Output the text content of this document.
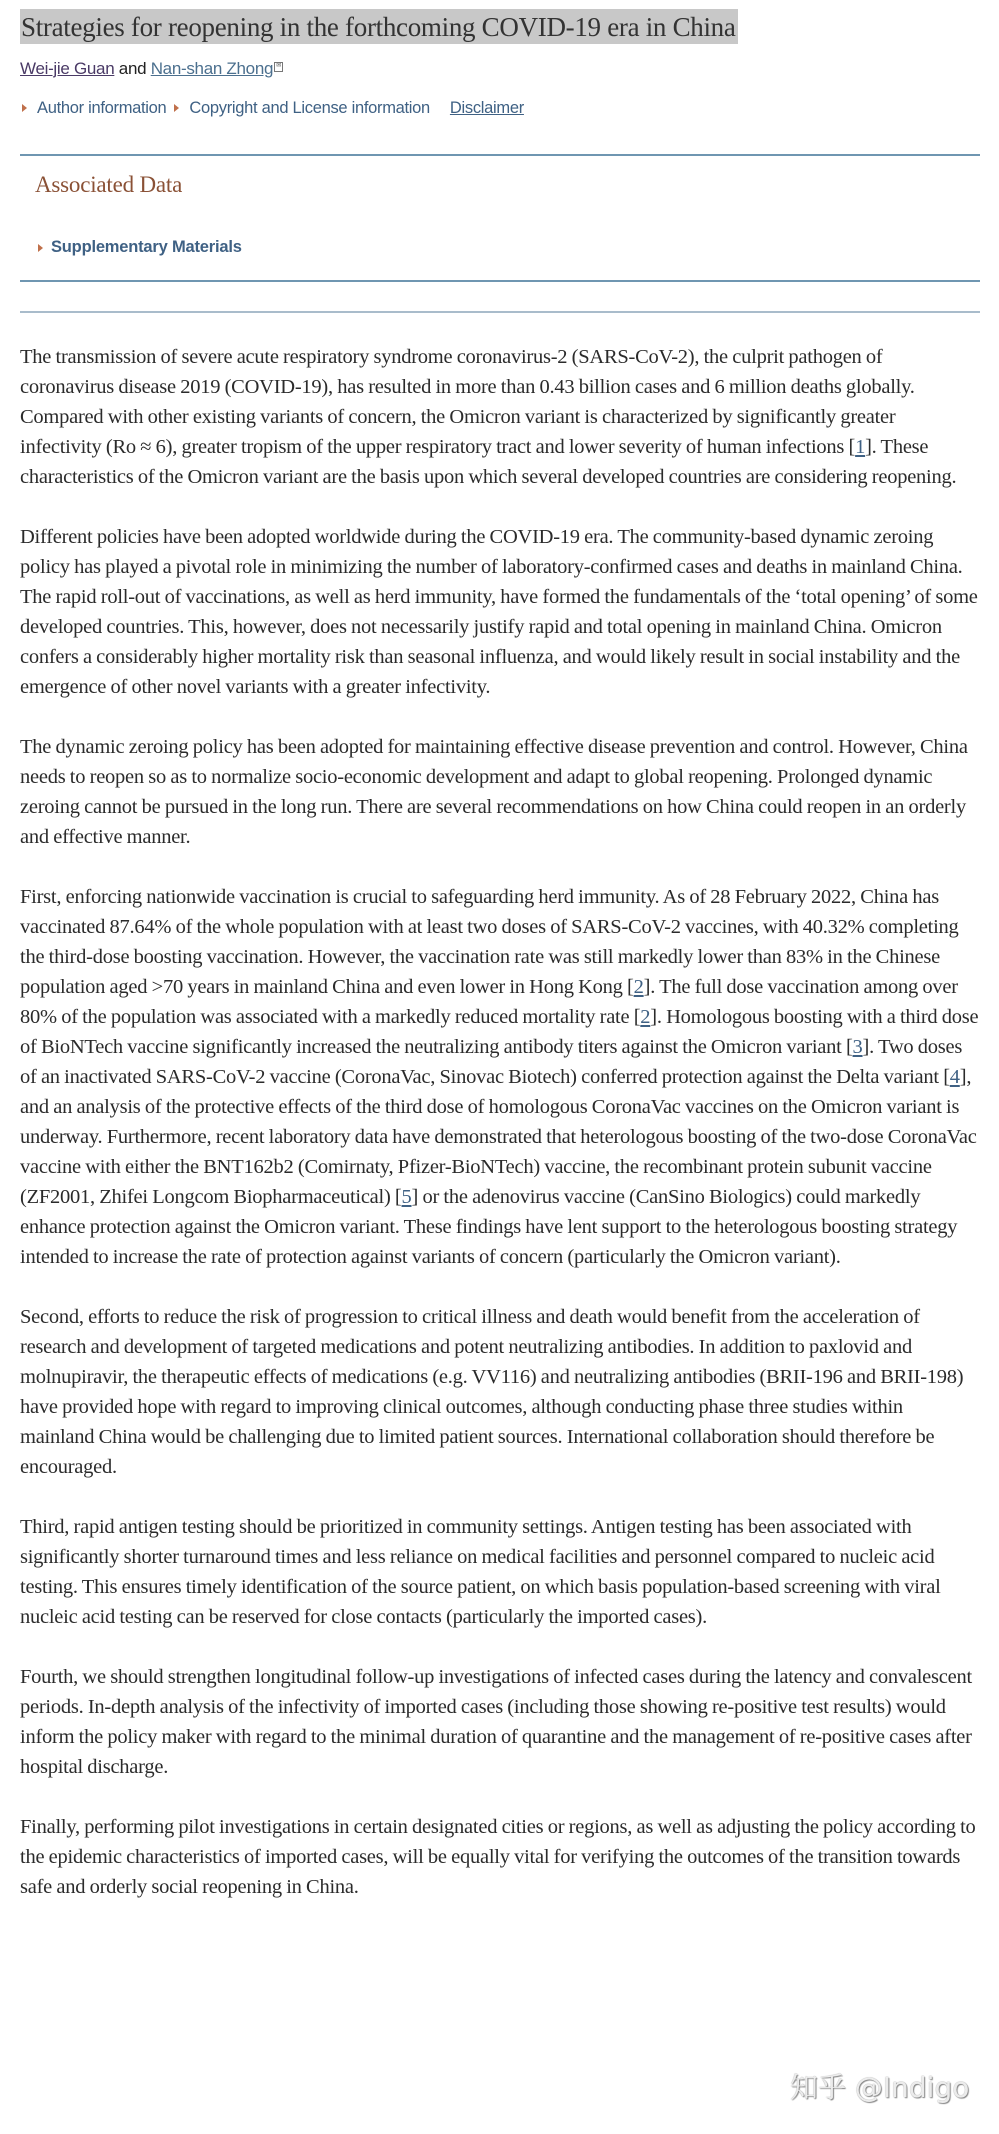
Strategies for reopening in the forthcoming COVID-19 era in China
Wei-jie Guan and Nan-shan Zhong ✉
Author information Copyright and License information Disclaimer
Associated Data
Supplementary Materials

The transmission of severe acute respiratory syndrome coronavirus-2 (SARS-CoV-2), the culprit pathogen of coronavirus disease 2019 (COVID-19), has resulted in more than 0.43 billion cases and 6 million deaths globally. Compared with other existing variants of concern, the Omicron variant is characterized by significantly greater infectivity (Ro ≈ 6), greater tropism of the upper respiratory tract and lower severity of human infections [1]. These characteristics of the Omicron variant are the basis upon which several developed countries are considering reopening.

Different policies have been adopted worldwide during the COVID-19 era. The community-based dynamic zeroing policy has played a pivotal role in minimizing the number of laboratory-confirmed cases and deaths in mainland China. The rapid roll-out of vaccinations, as well as herd immunity, have formed the fundamentals of the ‘total opening’ of some developed countries. This, however, does not necessarily justify rapid and total opening in mainland China. Omicron confers a considerably higher mortality risk than seasonal influenza, and would likely result in social instability and the emergence of other novel variants with a greater infectivity.

The dynamic zeroing policy has been adopted for maintaining effective disease prevention and control. However, China needs to reopen so as to normalize socio-economic development and adapt to global reopening. Prolonged dynamic zeroing cannot be pursued in the long run. There are several recommendations on how China could reopen in an orderly and effective manner.

First, enforcing nationwide vaccination is crucial to safeguarding herd immunity. As of 28 February 2022, China has vaccinated 87.64% of the whole population with at least two doses of SARS-CoV-2 vaccines, with 40.32% completing the third-dose boosting vaccination. However, the vaccination rate was still markedly lower than 83% in the Chinese population aged >70 years in mainland China and even lower in Hong Kong [2]. The full dose vaccination among over 80% of the population was associated with a markedly reduced mortality rate [2]. Homologous boosting with a third dose of BioNTech vaccine significantly increased the neutralizing antibody titers against the Omicron variant [3]. Two doses of an inactivated SARS-CoV-2 vaccine (CoronaVac, Sinovac Biotech) conferred protection against the Delta variant [4], and an analysis of the protective effects of the third dose of homologous CoronaVac vaccines on the Omicron variant is underway. Furthermore, recent laboratory data have demonstrated that heterologous boosting of the two-dose CoronaVac vaccine with either the BNT162b2 (Comirnaty, Pfizer-BioNTech) vaccine, the recombinant protein subunit vaccine (ZF2001, Zhifei Longcom Biopharmaceutical) [5] or the adenovirus vaccine (CanSino Biologics) could markedly enhance protection against the Omicron variant. These findings have lent support to the heterologous boosting strategy intended to increase the rate of protection against variants of concern (particularly the Omicron variant).

Second, efforts to reduce the risk of progression to critical illness and death would benefit from the acceleration of research and development of targeted medications and potent neutralizing antibodies. In addition to paxlovid and molnupiravir, the therapeutic effects of medications (e.g. VV116) and neutralizing antibodies (BRII-196 and BRII-198) have provided hope with regard to improving clinical outcomes, although conducting phase three studies within mainland China would be challenging due to limited patient sources. International collaboration should therefore be encouraged.

Third, rapid antigen testing should be prioritized in community settings. Antigen testing has been associated with significantly shorter turnaround times and less reliance on medical facilities and personnel compared to nucleic acid testing. This ensures timely identification of the source patient, on which basis population-based screening with viral nucleic acid testing can be reserved for close contacts (particularly the imported cases).

Fourth, we should strengthen longitudinal follow-up investigations of infected cases during the latency and convalescent periods. In-depth analysis of the infectivity of imported cases (including those showing re-positive test results) would inform the policy maker with regard to the minimal duration of quarantine and the management of re-positive cases after hospital discharge.

Finally, performing pilot investigations in certain designated cities or regions, as well as adjusting the policy according to the epidemic characteristics of imported cases, will be equally vital for verifying the outcomes of the transition towards safe and orderly social reopening in China.

知乎 @Indigo
